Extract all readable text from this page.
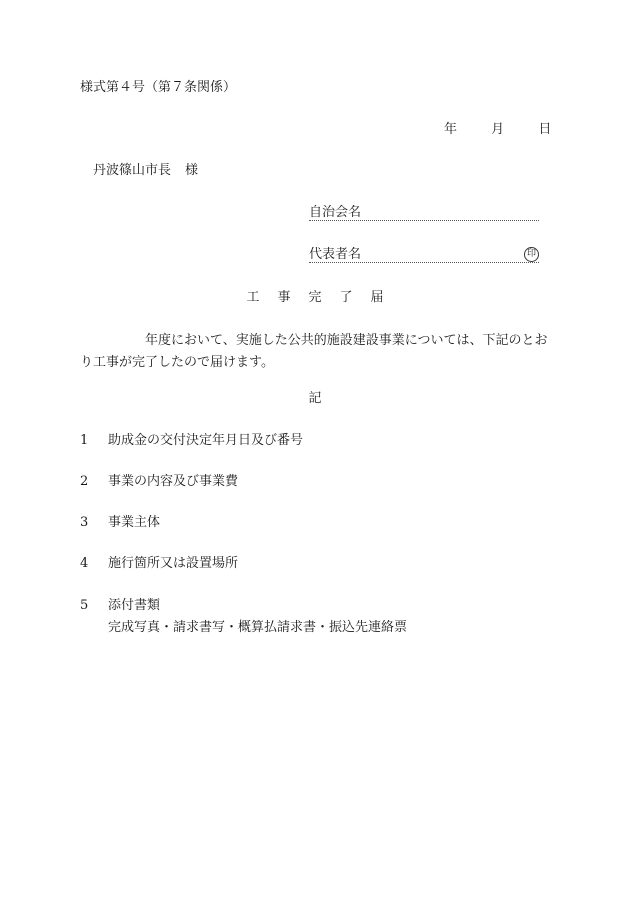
様式第４号（第７条関係）
年	月	日
丹波篠山市長 様
自治会名
代表者名	印
工 事 完 了 届
年度において、実施した公共的施設建設事業については、下記のとおり工事が完了したので届けます。
記
1 助成金の交付決定年月日及び番号
2 事業の内容及び事業費
3 事業主体
4 施行箇所又は設置場所
5 添付書類
完成写真・請求書写・概算払請求書・振込先連絡票
